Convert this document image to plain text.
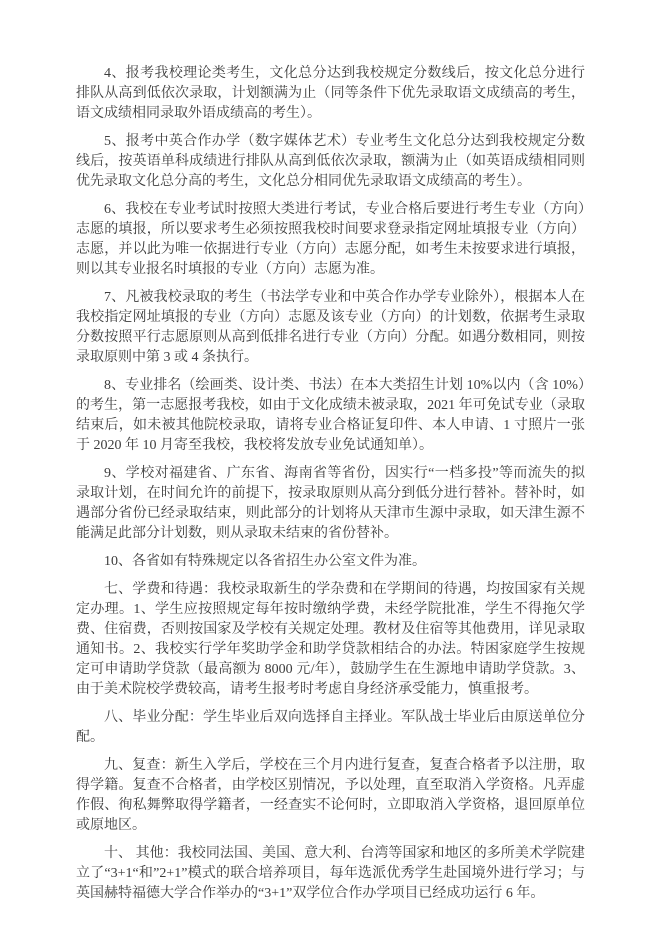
4、报考我校理论类考生，文化总分达到我校规定分数线后，按文化总分进行排队从高到低依次录取，计划额满为止（同等条件下优先录取语文成绩高的考生，语文成绩相同录取外语成绩高的考生）。

5、报考中英合作办学（数字媒体艺术）专业考生文化总分达到我校规定分数线后，按英语单科成绩进行排队从高到低依次录取，额满为止（如英语成绩相同则优先录取文化总分高的考生，文化总分相同优先录取语文成绩高的考生）。

6、我校在专业考试时按照大类进行考试，专业合格后要进行考生专业（方向）志愿的填报，所以要求考生必须按照我校时间要求登录指定网址填报专业（方向）志愿，并以此为唯一依据进行专业（方向）志愿分配，如考生未按要求进行填报，则以其专业报名时填报的专业（方向）志愿为准。

7、凡被我校录取的考生（书法学专业和中英合作办学专业除外），根据本人在我校指定网址填报的专业（方向）志愿及该专业（方向）的计划数，依据考生录取分数按照平行志愿原则从高到低排名进行专业（方向）分配。如遇分数相同，则按录取原则中第 3 或 4 条执行。

8、专业排名（绘画类、设计类、书法）在本大类招生计划 10%以内（含 10%）的考生，第一志愿报考我校，如由于文化成绩未被录取，2021 年可免试专业（录取结束后，如未被其他院校录取，请将专业合格证复印件、本人申请、1 寸照片一张于 2020 年 10 月寄至我校，我校将发放专业免试通知单）。

9、学校对福建省、广东省、海南省等省份，因实行“一档多投”等而流失的拟录取计划，在时间允许的前提下，按录取原则从高分到低分进行替补。替补时，如遇部分省份已经录取结束，则此部分的计划将从天津市生源中录取，如天津生源不能满足此部分计划数，则从录取未结束的省份替补。

10、各省如有特殊规定以各省招生办公室文件为准。

七、学费和待遇：我校录取新生的学杂费和在学期间的待遇，均按国家有关规定办理。1、学生应按照规定每年按时缴纳学费，未经学院批准，学生不得拖欠学费、住宿费，否则按国家及学校有关规定处理。教材及住宿等其他费用，详见录取通知书。2、我校实行学年奖助学金和助学贷款相结合的办法。特困家庭学生按规定可申请助学贷款（最高额为 8000 元/年），鼓励学生在生源地申请助学贷款。3、由于美术院校学费较高，请考生报考时考虑自身经济承受能力，慎重报考。

八、毕业分配：学生毕业后双向选择自主择业。军队战士毕业后由原送单位分配。

九、复查：新生入学后，学校在三个月内进行复查，复查合格者予以注册，取得学籍。复查不合格者，由学校区别情况，予以处理，直至取消入学资格。凡弄虚作假、徇私舞弊取得学籍者，一经查实不论何时，立即取消入学资格，退回原单位或原地区。

十、 其他：我校同法国、美国、意大利、台湾等国家和地区的多所美术学院建立了“3+1“和”2+1”模式的联合培养项目，每年选派优秀学生赴国境外进行学习；与英国赫特福德大学合作举办的“3+1”双学位合作办学项目已经成功运行 6 年。
